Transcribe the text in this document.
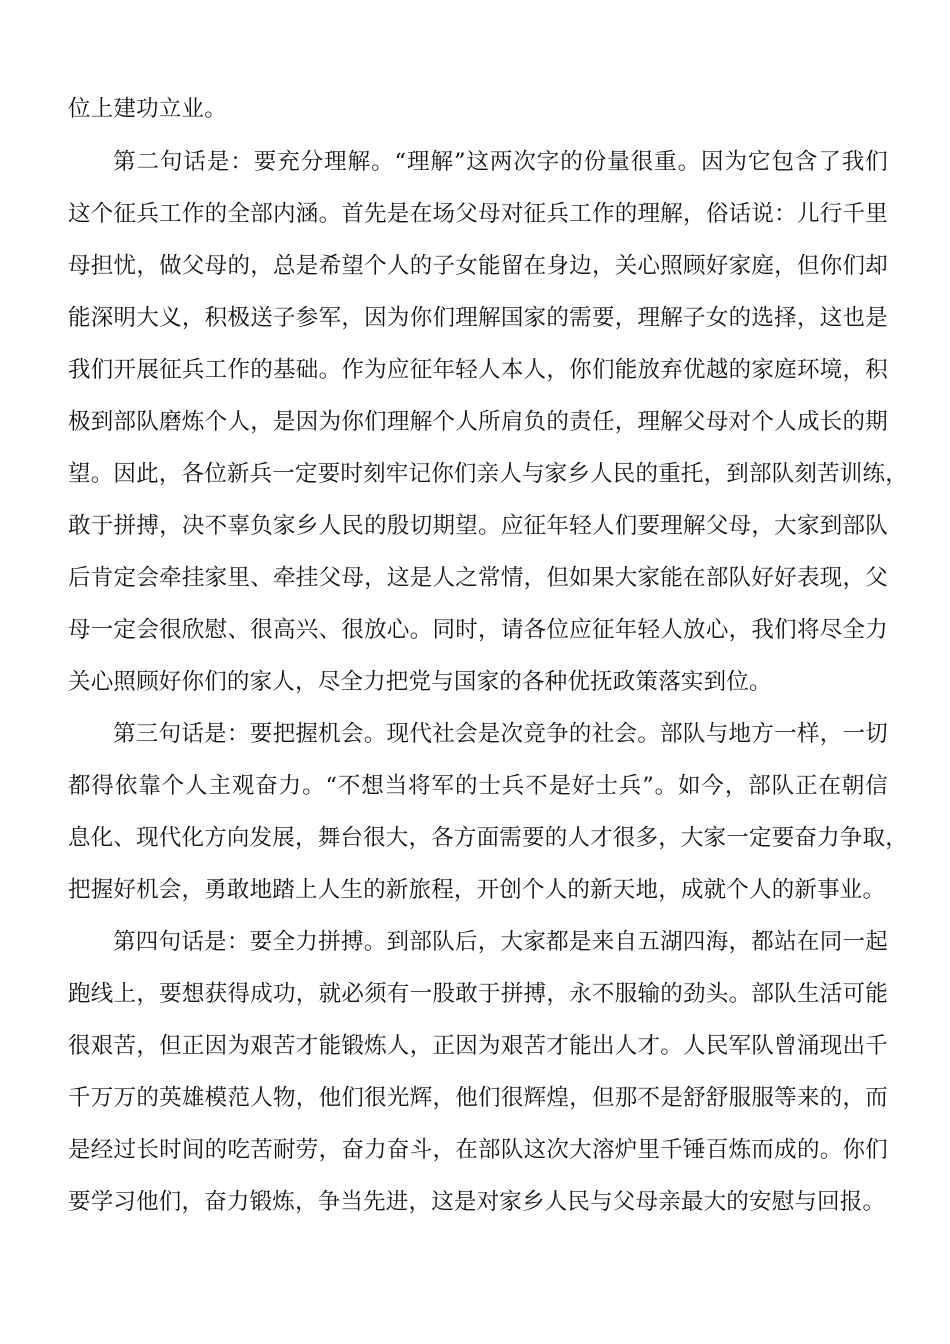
位上建功立业。
第二句话是：要充分理解。“理解”这两次字的份量很重。因为它包含了我们
这个征兵工作的全部内涵。首先是在场父母对征兵工作的理解，俗话说：儿行千里
母担忧，做父母的，总是希望个人的子女能留在身边，关心照顾好家庭，但你们却
能深明大义，积极送子参军，因为你们理解国家的需要，理解子女的选择，这也是
我们开展征兵工作的基础。作为应征年轻人本人，你们能放弃优越的家庭环境，积
极到部队磨炼个人，是因为你们理解个人所肩负的责任，理解父母对个人成长的期
望。因此，各位新兵一定要时刻牢记你们亲人与家乡人民的重托，到部队刻苦训练，
敢于拼搏，决不辜负家乡人民的殷切期望。应征年轻人们要理解父母，大家到部队
后肯定会牵挂家里、牵挂父母，这是人之常情，但如果大家能在部队好好表现，父
母一定会很欣慰、很高兴、很放心。同时，请各位应征年轻人放心，我们将尽全力
关心照顾好你们的家人，尽全力把党与国家的各种优抚政策落实到位。
第三句话是：要把握机会。现代社会是次竞争的社会。部队与地方一样，一切
都得依靠个人主观奋力。“不想当将军的士兵不是好士兵”。如今，部队正在朝信
息化、现代化方向发展，舞台很大，各方面需要的人才很多，大家一定要奋力争取，
把握好机会，勇敢地踏上人生的新旅程，开创个人的新天地，成就个人的新事业。
第四句话是：要全力拼搏。到部队后，大家都是来自五湖四海，都站在同一起
跑线上，要想获得成功，就必须有一股敢于拼搏，永不服输的劲头。部队生活可能
很艰苦，但正因为艰苦才能锻炼人，正因为艰苦才能出人才。人民军队曾涌现出千
千万万的英雄模范人物，他们很光辉，他们很辉煌，但那不是舒舒服服等来的，而
是经过长时间的吃苦耐劳，奋力奋斗，在部队这次大溶炉里千锤百炼而成的。你们
要学习他们，奋力锻炼，争当先进，这是对家乡人民与父母亲最大的安慰与回报。
